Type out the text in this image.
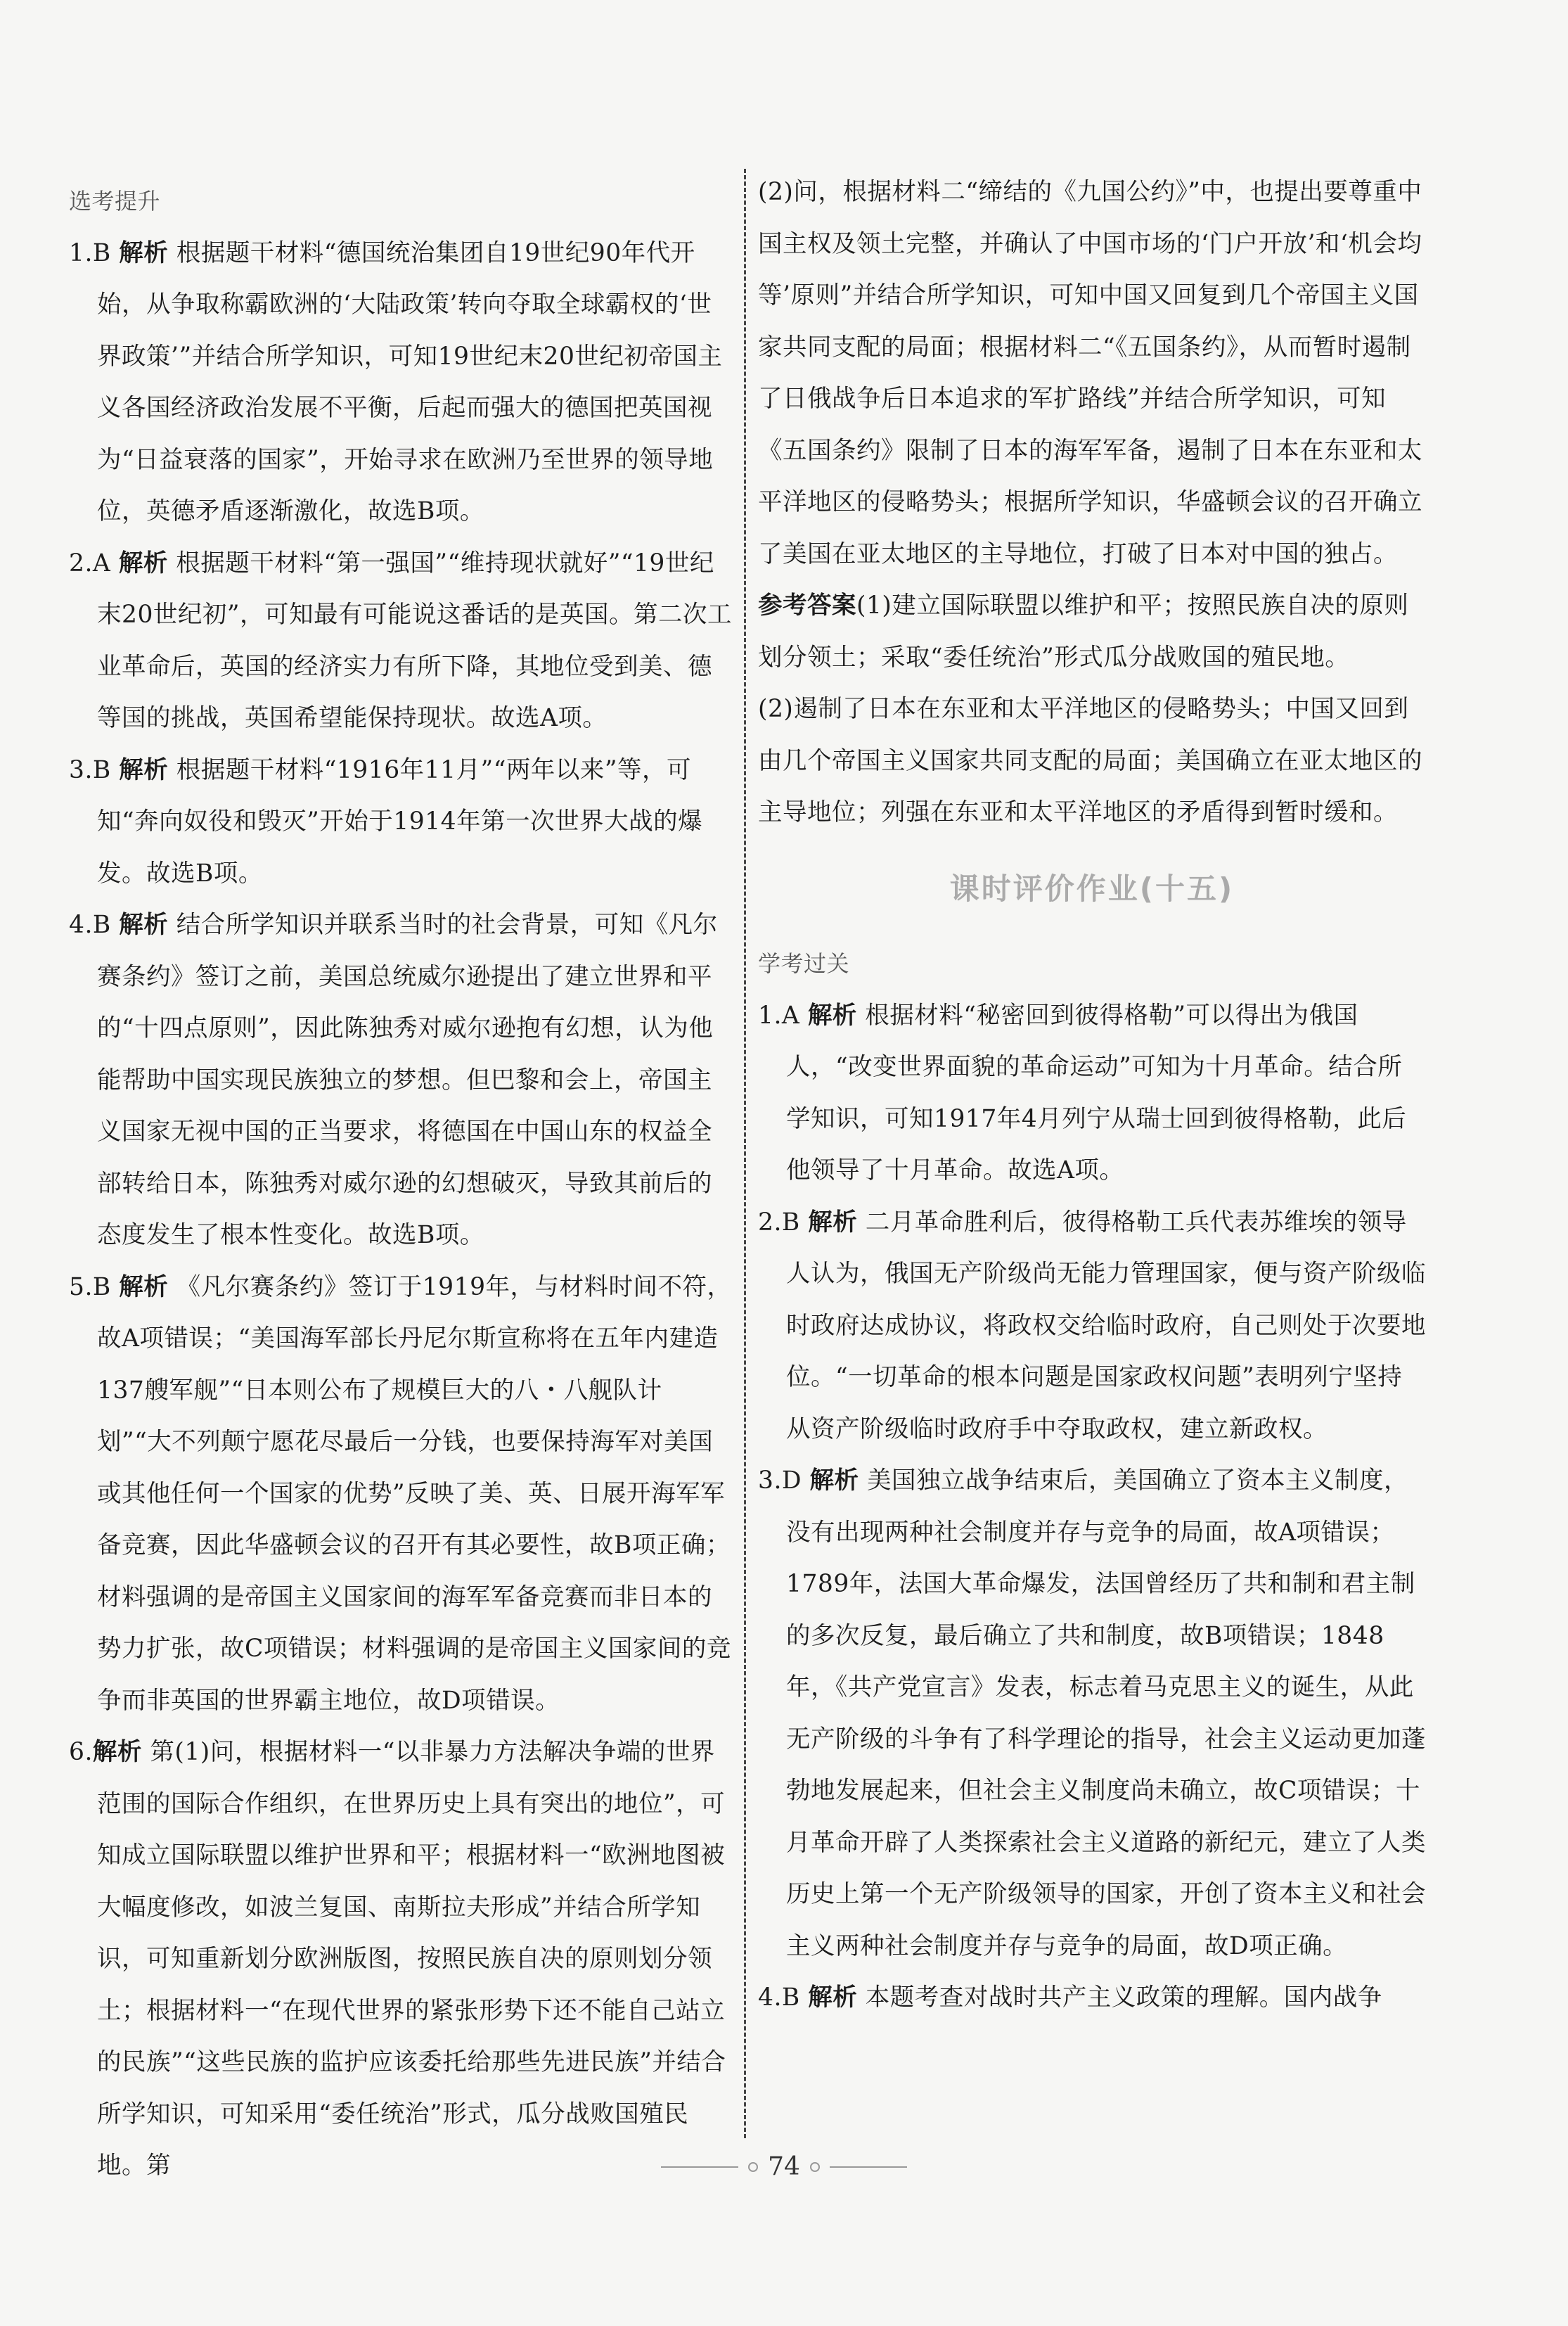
选考提升
1.B 解析 根据题干材料“德国统治集团自19世纪90年代开始，从争取称霸欧洲的‘大陆政策’转向夺取全球霸权的‘世界政策’”并结合所学知识，可知19世纪末20世纪初帝国主义各国经济政治发展不平衡，后起而强大的德国把英国视为“日益衰落的国家”，开始寻求在欧洲乃至世界的领导地位，英德矛盾逐渐激化，故选B项。
2.A 解析 根据题干材料“第一强国”“维持现状就好”“19世纪末20世纪初”，可知最有可能说这番话的是英国。第二次工业革命后，英国的经济实力有所下降，其地位受到美、德等国的挑战，英国希望能保持现状。故选A项。
3.B 解析 根据题干材料“1916年11月”“两年以来”等，可知“奔向奴役和毁灭”开始于1914年第一次世界大战的爆发。故选B项。
4.B 解析 结合所学知识并联系当时的社会背景，可知《凡尔赛条约》签订之前，美国总统威尔逊提出了建立世界和平的“十四点原则”，因此陈独秀对威尔逊抱有幻想，认为他能帮助中国实现民族独立的梦想。但巴黎和会上，帝国主义国家无视中国的正当要求，将德国在中国山东的权益全部转给日本，陈独秀对威尔逊的幻想破灭，导致其前后的态度发生了根本性变化。故选B项。
5.B 解析 《凡尔赛条约》签订于1919年，与材料时间不符，故A项错误；“美国海军部长丹尼尔斯宣称将在五年内建造137艘军舰”“日本则公布了规模巨大的八・八舰队计划”“大不列颠宁愿花尽最后一分钱，也要保持海军对美国或其他任何一个国家的优势”反映了美、英、日展开海军军备竞赛，因此华盛顿会议的召开有其必要性，故B项正确；材料强调的是帝国主义国家间的海军军备竞赛而非日本的势力扩张，故C项错误；材料强调的是帝国主义国家间的竞争而非英国的世界霸主地位，故D项错误。
6.解析 第(1)问，根据材料一“以非暴力方法解决争端的世界范围的国际合作组织，在世界历史上具有突出的地位”，可知成立国际联盟以维护世界和平；根据材料一“欧洲地图被大幅度修改，如波兰复国、南斯拉夫形成”并结合所学知识，可知重新划分欧洲版图，按照民族自决的原则划分领土；根据材料一“在现代世界的紧张形势下还不能自己站立的民族”“这些民族的监护应该委托给那些先进民族”并结合所学知识，可知采用“委任统治”形式，瓜分战败国殖民地。第
(2)问，根据材料二“缔结的《九国公约》”中，也提出要尊重中国主权及领土完整，并确认了中国市场的‘门户开放’和‘机会均等’原则”并结合所学知识，可知中国又回复到几个帝国主义国家共同支配的局面；根据材料二“《五国条约》，从而暂时遏制了日俄战争后日本追求的军扩路线”并结合所学知识，可知《五国条约》限制了日本的海军军备，遏制了日本在东亚和太平洋地区的侵略势头；根据所学知识，华盛顿会议的召开确立了美国在亚太地区的主导地位，打破了日本对中国的独占。
参考答案(1)建立国际联盟以维护和平；按照民族自决的原则划分领土；采取“委任统治”形式瓜分战败国的殖民地。
(2)遏制了日本在东亚和太平洋地区的侵略势头；中国又回到由几个帝国主义国家共同支配的局面；美国确立在亚太地区的主导地位；列强在东亚和太平洋地区的矛盾得到暂时缓和。
课时评价作业(十五)
学考过关
1.A 解析 根据材料“秘密回到彼得格勒”可以得出为俄国人，“改变世界面貌的革命运动”可知为十月革命。结合所学知识，可知1917年4月列宁从瑞士回到彼得格勒，此后他领导了十月革命。故选A项。
2.B 解析 二月革命胜利后，彼得格勒工兵代表苏维埃的领导人认为，俄国无产阶级尚无能力管理国家，便与资产阶级临时政府达成协议，将政权交给临时政府，自己则处于次要地位。“一切革命的根本问题是国家政权问题”表明列宁坚持从资产阶级临时政府手中夺取政权，建立新政权。
3.D 解析 美国独立战争结束后，美国确立了资本主义制度，没有出现两种社会制度并存与竞争的局面，故A项错误；1789年，法国大革命爆发，法国曾经历了共和制和君主制的多次反复，最后确立了共和制度，故B项错误；1848年，《共产党宣言》发表，标志着马克思主义的诞生，从此无产阶级的斗争有了科学理论的指导，社会主义运动更加蓬勃地发展起来，但社会主义制度尚未确立，故C项错误；十月革命开辟了人类探索社会主义道路的新纪元，建立了人类历史上第一个无产阶级领导的国家，开创了资本主义和社会主义两种社会制度并存与竞争的局面，故D项正确。
4.B 解析 本题考查对战时共产主义政策的理解。国内战争
74
